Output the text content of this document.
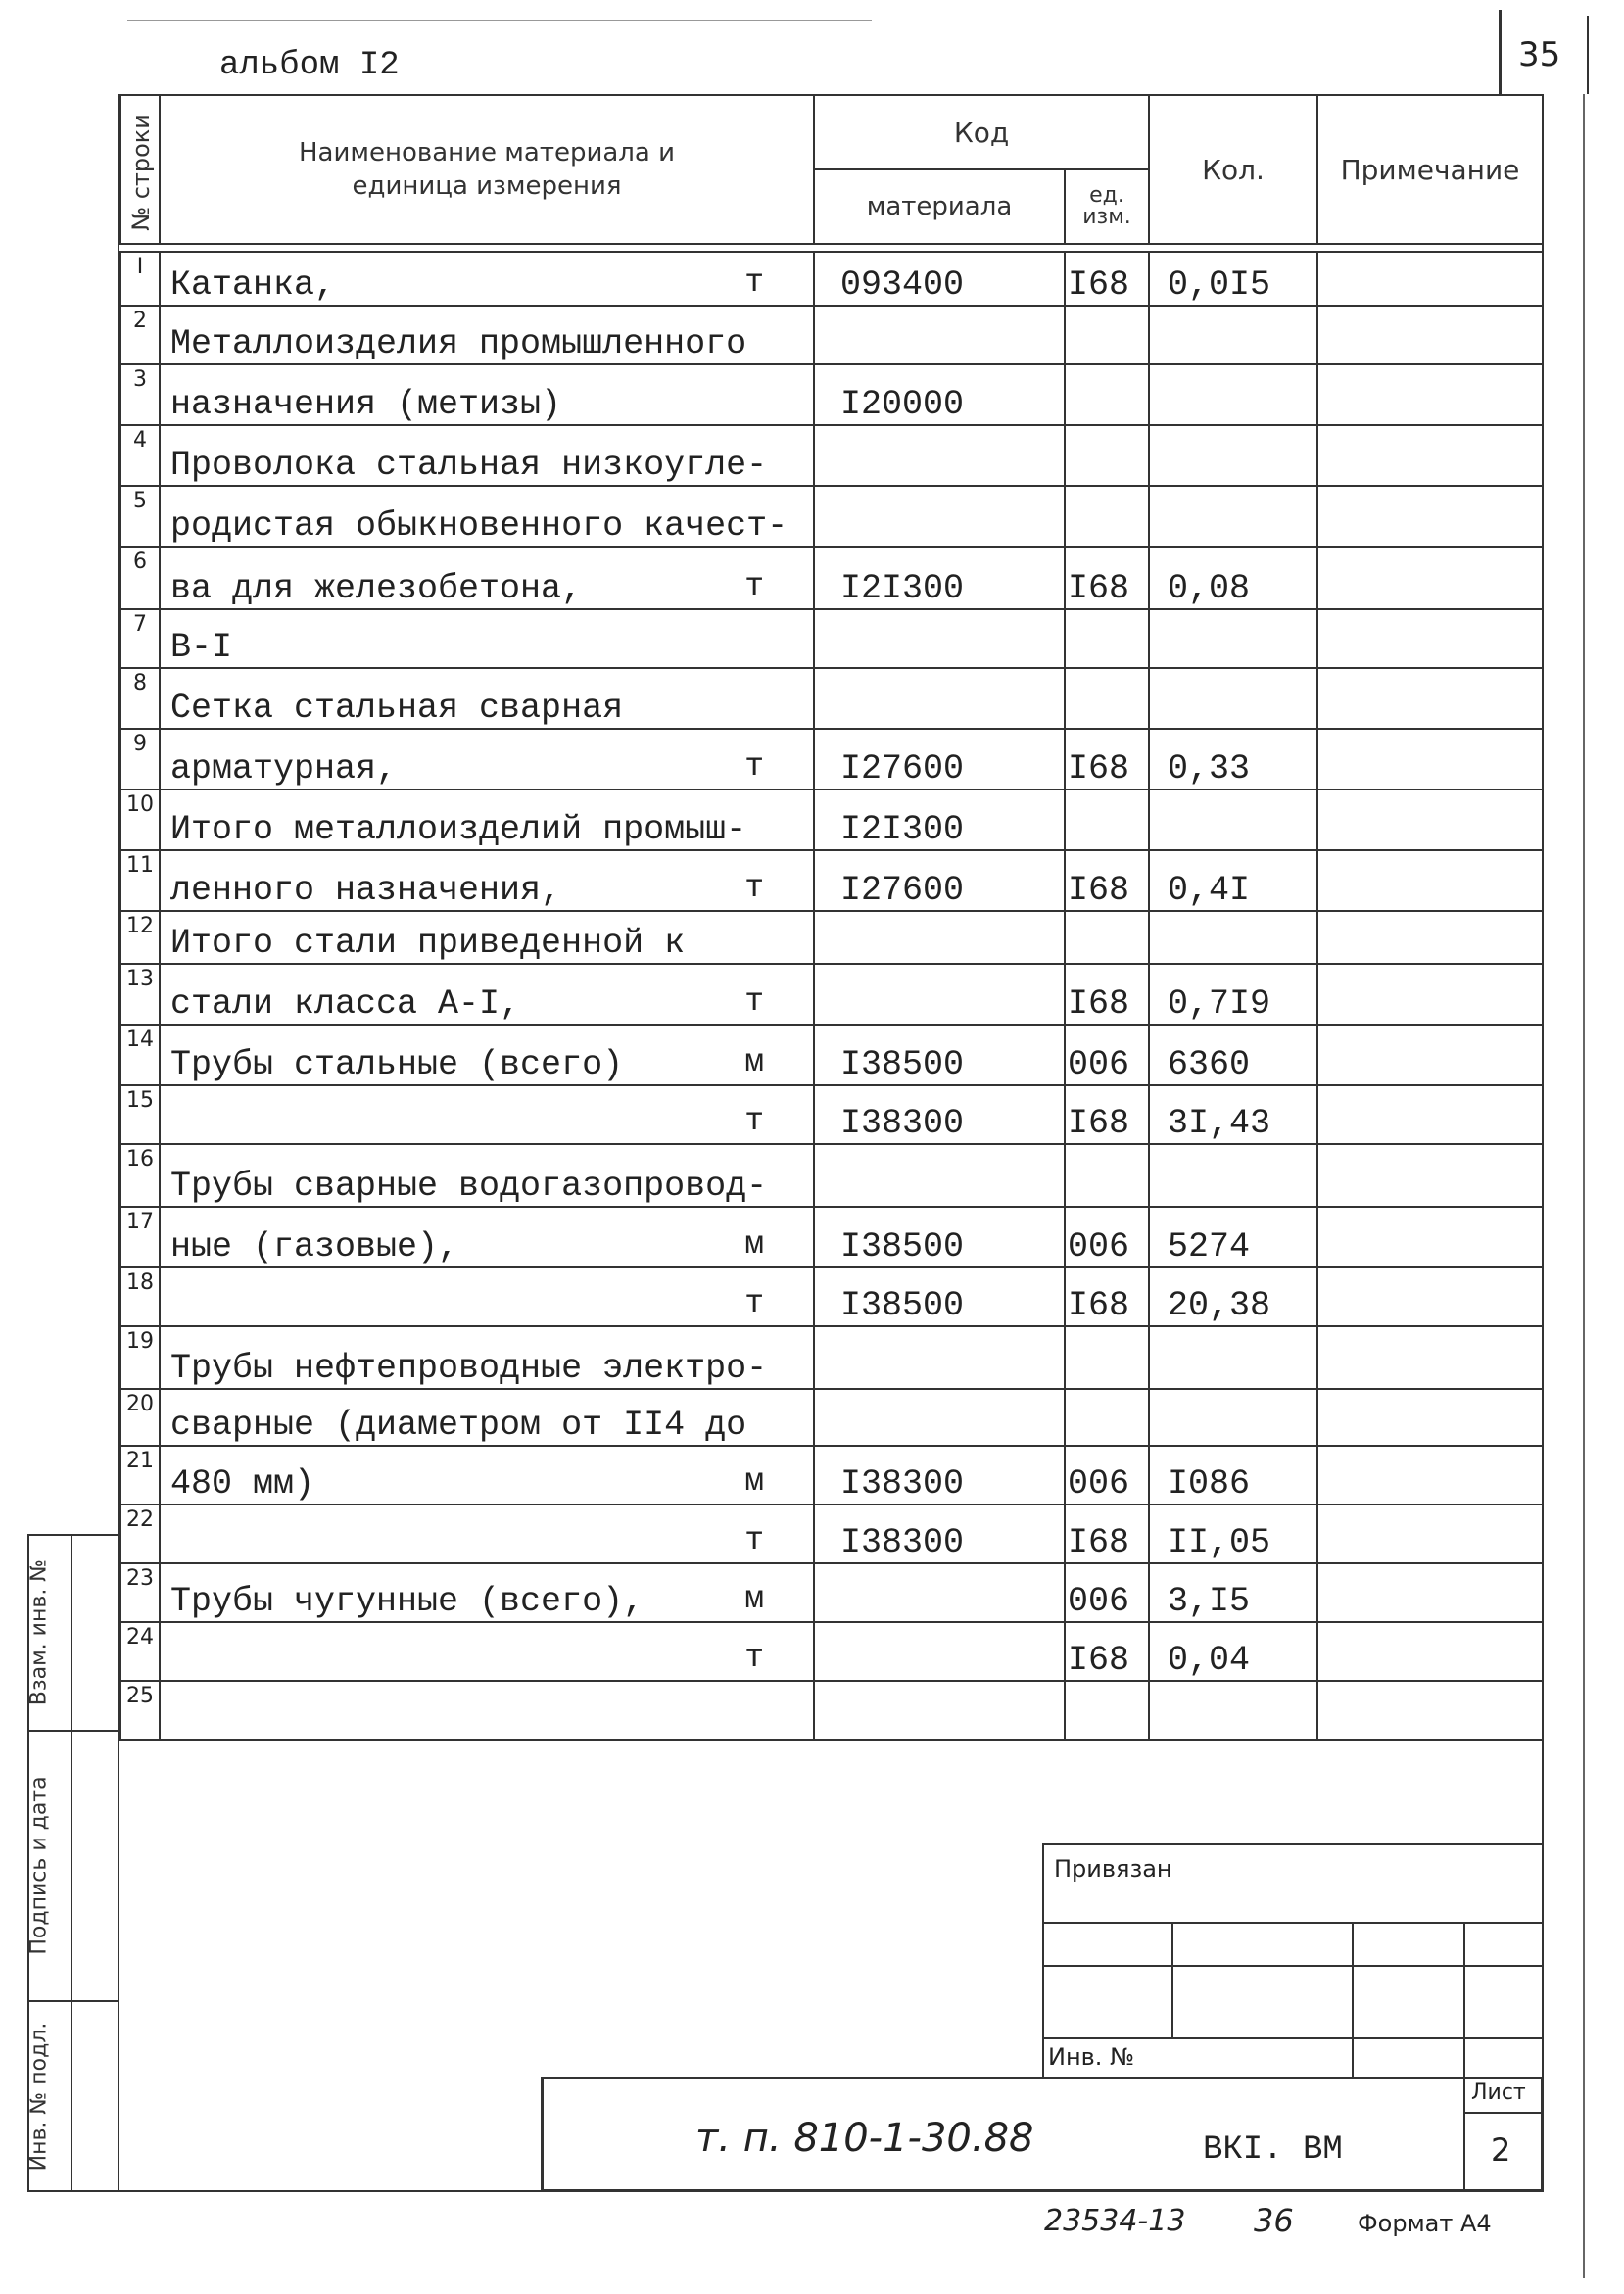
альбом I2	35
№ строки	Наименование материала и единица измерения	Код		Кол.	Примечание
		материала	ед. изм.		

I	Катанка, т	093400	I68	0,0I5	
2	Металлоизделия промышленного

3	назначения (метизы)	I20000			
4	Проволока стальная низкоугле-

5	родистая обыкновенного качест-

6	ва для железобетона, т	I2I300	I68	0,08	
7	В-I

8	Сетка стальная сварная

9	арматурная, т	I27600	I68	0,33	
10	Итого металлоизделий промыш-	I2I300			
11	ленного назначения, т	I27600	I68	0,4I	
12	Итого стали приведенной к

13	стали класса А-I, т		I68	0,7I9	
14	Трубы стальные (всего) м	I38500	006	6360	
15	т	I38300	I68	3I,43	
16	Трубы сварные водогазопровод-

17	ные (газовые), м	I38500	006	5274	
18	т	I38500	I68	20,38	
19	Трубы нефтепроводные электро-

20	сварные (диаметром от II4 до

21	480 мм) м	I38300	006	I086	
22	т	I38300	I68	II,05	
23	Трубы чугунные (всего), м		006	3,I5	
24	т		I68	0,04	
25	

Взам. инв. №
Подпись и дата
Инв. № подл.
Привязан
Инв. №
Лист
2
т. п. 810-1-30.88	ВКI. ВМ
23534-13 36	Формат А4
